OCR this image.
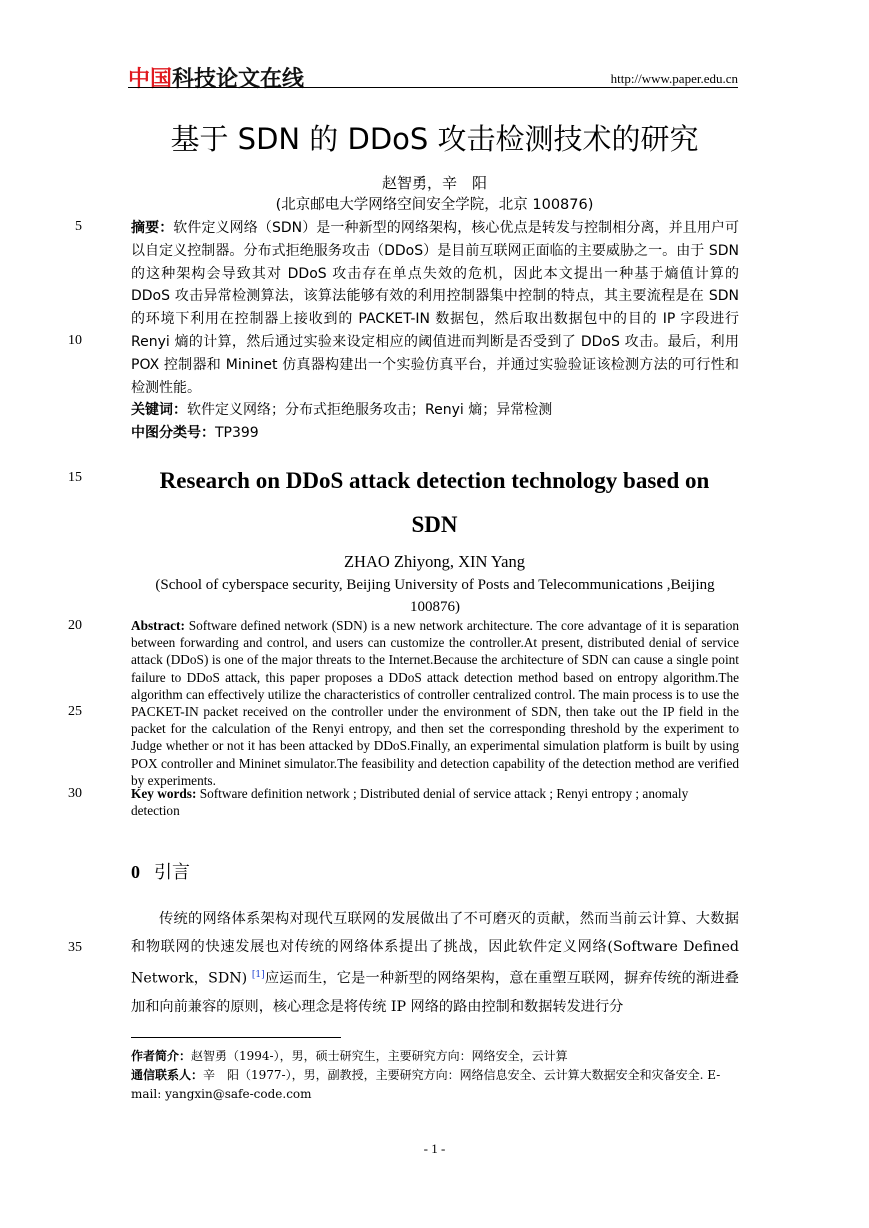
中国科技论文在线	http://www.paper.edu.cn
基于 SDN 的 DDoS 攻击检测技术的研究
赵智勇，辛　阳
(北京邮电大学网络空间安全学院，北京 100876)
5
10
15
20
25
30
35
摘要：软件定义网络（SDN）是一种新型的网络架构，核心优点是转发与控制相分离，并且用户可以自定义控制器。分布式拒绝服务攻击（DDoS）是目前互联网正面临的主要威胁之一。由于 SDN 的这种架构会导致其对 DDoS 攻击存在单点失效的危机，因此本文提出一种基于熵值计算的 DDoS 攻击异常检测算法，该算法能够有效的利用控制器集中控制的特点，其主要流程是在 SDN 的环境下利用在控制器上接收到的 PACKET-IN 数据包，然后取出数据包中的目的 IP 字段进行 Renyi 熵的计算，然后通过实验来设定相应的阈值进而判断是否受到了 DDoS 攻击。最后，利用 POX 控制器和 Mininet 仿真器构建出一个实验仿真平台，并通过实验验证该检测方法的可行性和检测性能。
关键词：软件定义网络；分布式拒绝服务攻击；Renyi 熵；异常检测
中图分类号：TP399
Research on DDoS attack detection technology based on
SDN
ZHAO Zhiyong, XIN Yang
(School of cyberspace security, Beijing University of Posts and Telecommunications ,Beijing
100876)
Abstract: Software defined network (SDN) is a new network architecture. The core advantage of it is separation between forwarding and control, and users can customize the controller.At present, distributed denial of service attack (DDoS) is one of the major threats to the Internet.Because the architecture of SDN can cause a single point failure to DDoS attack, this paper proposes a DDoS attack detection method based on entropy algorithm.The algorithm can effectively utilize the characteristics of controller centralized control. The main process is to use the PACKET-IN packet received on the controller under the environment of SDN, then take out the IP field in the packet for the calculation of the Renyi entropy, and then set the corresponding threshold by the experiment to Judge whether or not it has been attacked by DDoS.Finally, an experimental simulation platform is built by using POX controller and Mininet simulator.The feasibility and detection capability of the detection method are verified by experiments.
Key words: Software definition network ; Distributed denial of service attack ; Renyi entropy ; anomaly detection
0 引言
传统的网络体系架构对现代互联网的发展做出了不可磨灭的贡献，然而当前云计算、大数据和物联网的快速发展也对传统的网络体系提出了挑战，因此软件定义网络(Software Defined Network，SDN) [1]应运而生，它是一种新型的网络架构，意在重塑互联网，摒弃传统的渐进叠加和向前兼容的原则，核心理念是将传统 IP 网络的路由控制和数据转发进行分
作者简介：赵智勇（1994-），男，硕士研究生，主要研究方向：网络安全，云计算
通信联系人：辛　阳（1977-），男，副教授，主要研究方向：网络信息安全、云计算大数据安全和灾备安全. E-mail: yangxin@safe-code.com
- 1 -
